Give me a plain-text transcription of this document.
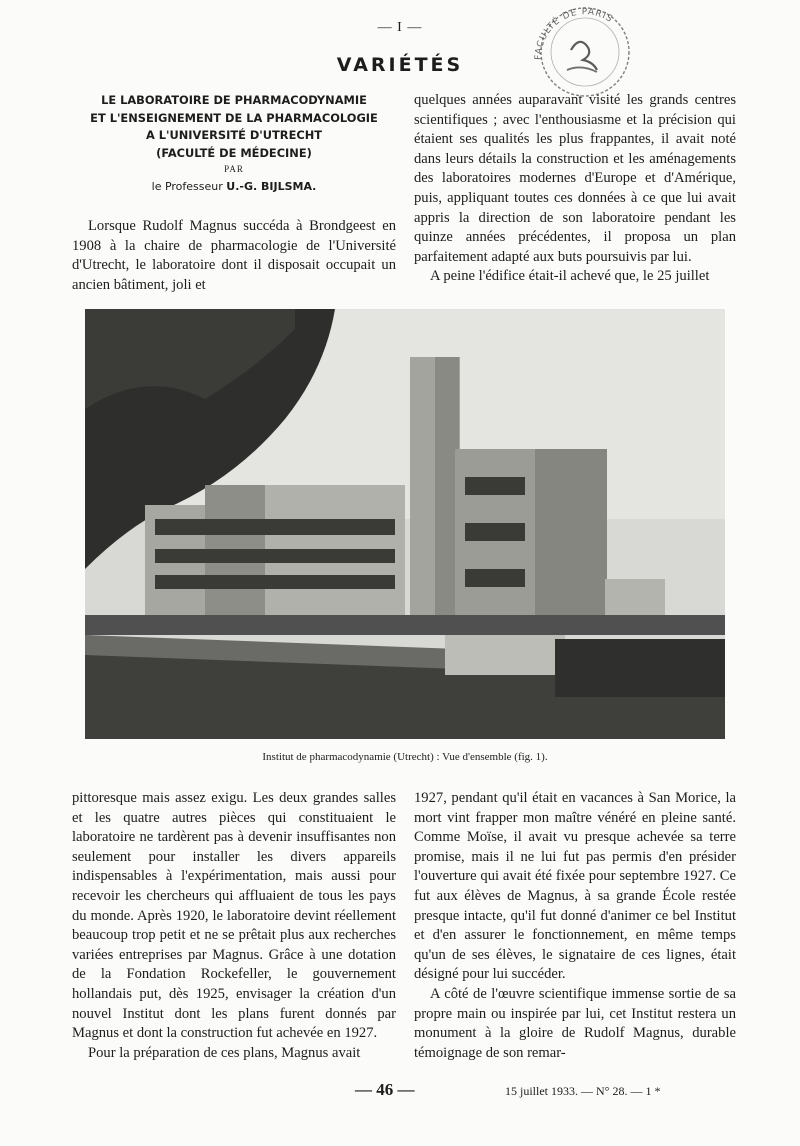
— I —
VARIÉTÉS	FACULTÉ DE PARIS
LE LABORATOIRE DE PHARMACODYNAMIE
ET L'ENSEIGNEMENT DE LA PHARMACOLOGIE
A L'UNIVERSITÉ D'UTRECHT
(FACULTÉ DE MÉDECINE)
PAR
le Professeur U.-G. BIJLSMA.

Lorsque Rudolf Magnus succéda à Brondgeest en 1908 à la chaire de pharmacologie de l'Université d'Utrecht, le laboratoire dont il disposait occupait un ancien bâtiment, joli et

quelques années auparavant visité les grands centres scientifiques ; avec l'enthousiasme et la précision qui étaient ses qualités les plus frappantes, il avait noté dans leurs détails la construction et les aménagements des laboratoires modernes d'Europe et d'Amérique, puis, appliquant toutes ces données à ce que lui avait appris la direction de son laboratoire pendant les quinze années précédentes, il proposa un plan parfaitement adapté aux buts poursuivis par lui.

A peine l'édifice était-il achevé que, le 25 juillet

Institut de pharmacodynamie (Utrecht) : Vue d'ensemble (fig. 1).

pittoresque mais assez exigu. Les deux grandes salles et les quatre autres pièces qui constituaient le laboratoire ne tardèrent pas à devenir insuffisantes non seulement pour installer les divers appareils indispensables à l'expérimentation, mais aussi pour recevoir les chercheurs qui affluaient de tous les pays du monde. Après 1920, le laboratoire devint réellement beaucoup trop petit et ne se prêtait plus aux recherches variées entreprises par Magnus. Grâce à une dotation de la Fondation Rockefeller, le gouvernement hollandais put, dès 1925, envisager la création d'un nouvel Institut dont les plans furent donnés par Magnus et dont la construction fut achevée en 1927.

Pour la préparation de ces plans, Magnus avait

1927, pendant qu'il était en vacances à San Morice, la mort vint frapper mon maître vénéré en pleine santé. Comme Moïse, il avait vu presque achevée sa terre promise, mais il ne lui fut pas permis d'en présider l'ouverture qui avait été fixée pour septembre 1927. Ce fut aux élèves de Magnus, à sa grande École restée presque intacte, qu'il fut donné d'animer ce bel Institut et d'en assurer le fonctionnement, en même temps qu'un de ses élèves, le signataire de ces lignes, était désigné pour lui succéder.

A côté de l'œuvre scientifique immense sortie de sa propre main ou inspirée par lui, cet Institut restera un monument à la gloire de Rudolf Magnus, durable témoignage de son remar-

— 46 —	15 juillet 1933. — N° 28. — 1 *
